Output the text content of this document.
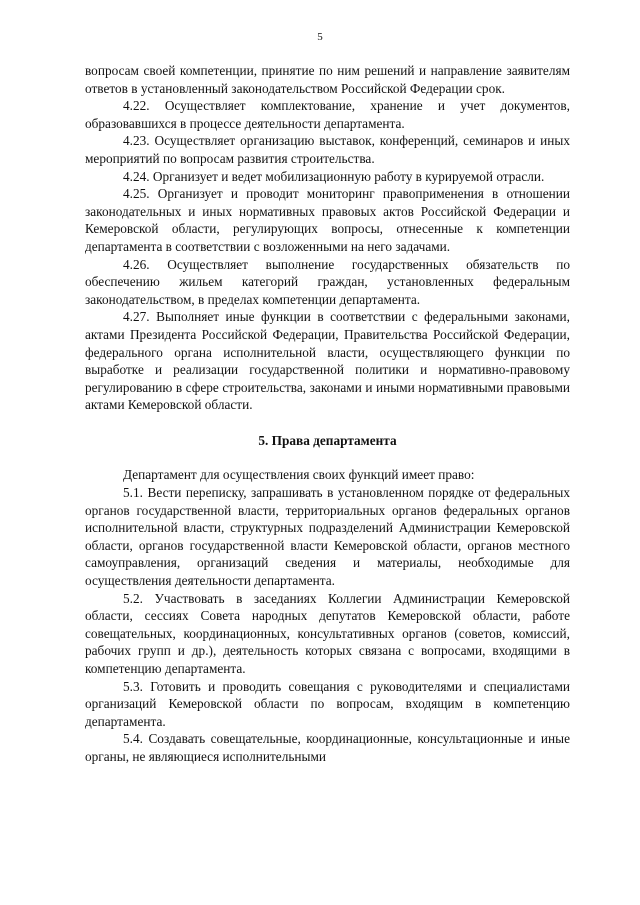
5

вопросам своей компетенции, принятие по ним решений и направление заявителям ответов в установленный законодательством Российской Федерации срок.

4.22. Осуществляет комплектование, хранение и учет документов, образовавшихся в процессе деятельности департамента.

4.23. Осуществляет организацию выставок, конференций, семинаров и иных мероприятий по вопросам развития строительства.

4.24. Организует и ведет мобилизационную работу в курируемой отрасли.

4.25. Организует и проводит мониторинг правоприменения в отношении законодательных и иных нормативных правовых актов Российской Федерации и Кемеровской области, регулирующих вопросы, отнесенные к компетенции департамента в соответствии с возложенными на него задачами.

4.26. Осуществляет выполнение государственных обязательств по обеспечению жильем категорий граждан, установленных федеральным законодательством, в пределах компетенции департамента.

4.27. Выполняет иные функции в соответствии с федеральными законами, актами Президента Российской Федерации, Правительства Российской Федерации, федерального органа исполнительной власти, осуществляющего функции по выработке и реализации государственной политики и нормативно-правовому регулированию в сфере строительства, законами и иными нормативными правовыми актами Кемеровской области.

5. Права департамента

Департамент для осуществления своих функций имеет право:

5.1. Вести переписку, запрашивать в установленном порядке от федеральных органов государственной власти, территориальных органов федеральных органов исполнительной власти, структурных подразделений Администрации Кемеровской области, органов государственной власти Кемеровской области, органов местного самоуправления, организаций сведения и материалы, необходимые для осуществления деятельности департамента.

5.2. Участвовать в заседаниях Коллегии Администрации Кемеровской области, сессиях Совета народных депутатов Кемеровской области, работе совещательных, координационных, консультативных органов (советов, комиссий, рабочих групп и др.), деятельность которых связана с вопросами, входящими в компетенцию департамента.

5.3. Готовить и проводить совещания с руководителями и специалистами организаций Кемеровской области по вопросам, входящим в компетенцию департамента.

5.4. Создавать совещательные, координационные, консультационные и иные органы, не являющиеся исполнительными
